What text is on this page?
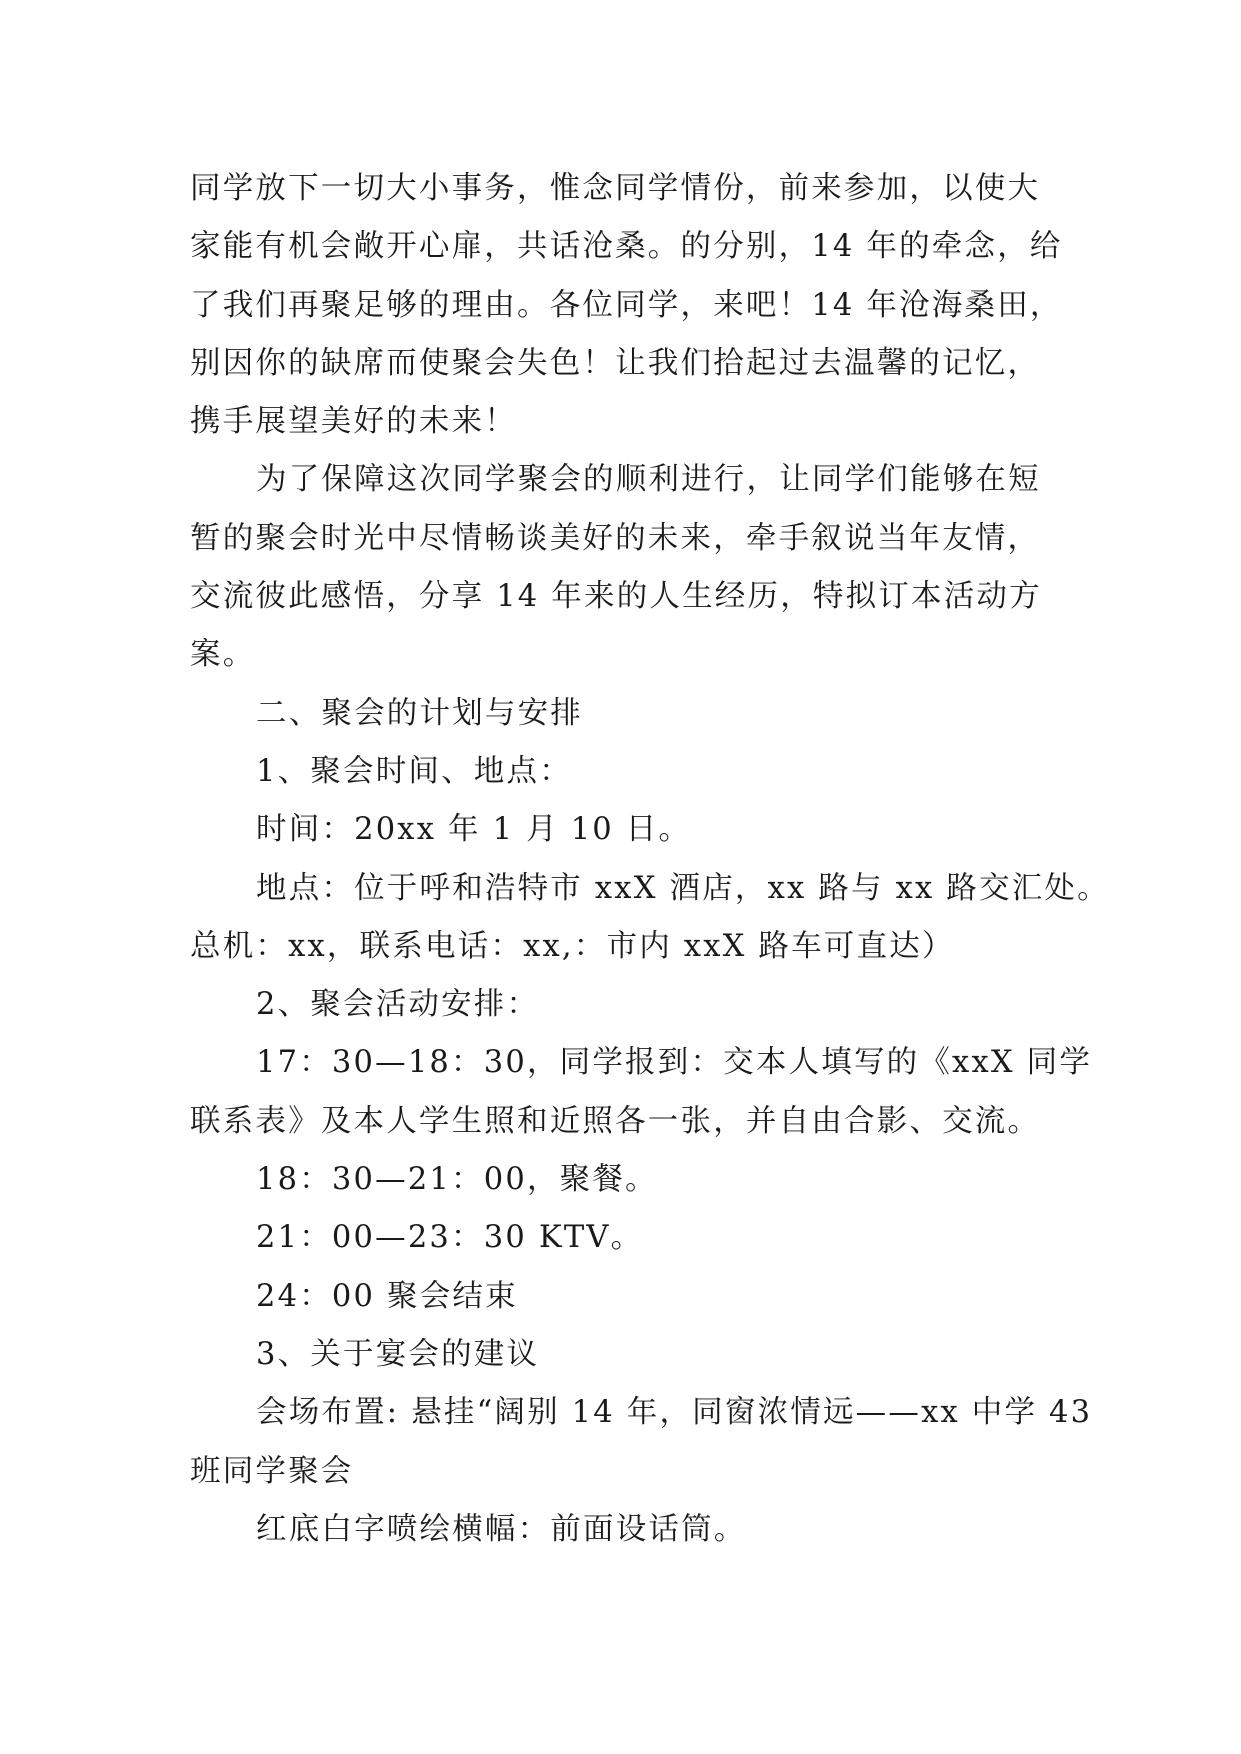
同学放下一切大小事务，惟念同学情份，前来参加，以使大

家能有机会敞开心扉，共话沧桑。的分别，14 年的牵念，给

了我们再聚足够的理由。各位同学，来吧！14 年沧海桑田，

别因你的缺席而使聚会失色！让我们拾起过去温馨的记忆，

携手展望美好的未来！

为了保障这次同学聚会的顺利进行，让同学们能够在短

暂的聚会时光中尽情畅谈美好的未来，牵手叙说当年友情，

交流彼此感悟，分享 14 年来的人生经历，特拟订本活动方

案。

二、聚会的计划与安排

1、聚会时间、地点：

时间：20xx 年 1 月 10 日。

地点：位于呼和浩特市 xxX 酒店，xx 路与 xx 路交汇处。

总机：xx，联系电话：xx,：市内 xxX 路车可直达）

2、聚会活动安排：

17：30—18：30，同学报到：交本人填写的《xxX 同学

联系表》及本人学生照和近照各一张，并自由合影、交流。

18：30—21：00，聚餐。

21：00—23：30 KTV。

24：00 聚会结束

3、关于宴会的建议

会场布置: 悬挂“阔别 14 年，同窗浓情远——xx 中学 43

班同学聚会

红底白字喷绘横幅：前面设话筒。
